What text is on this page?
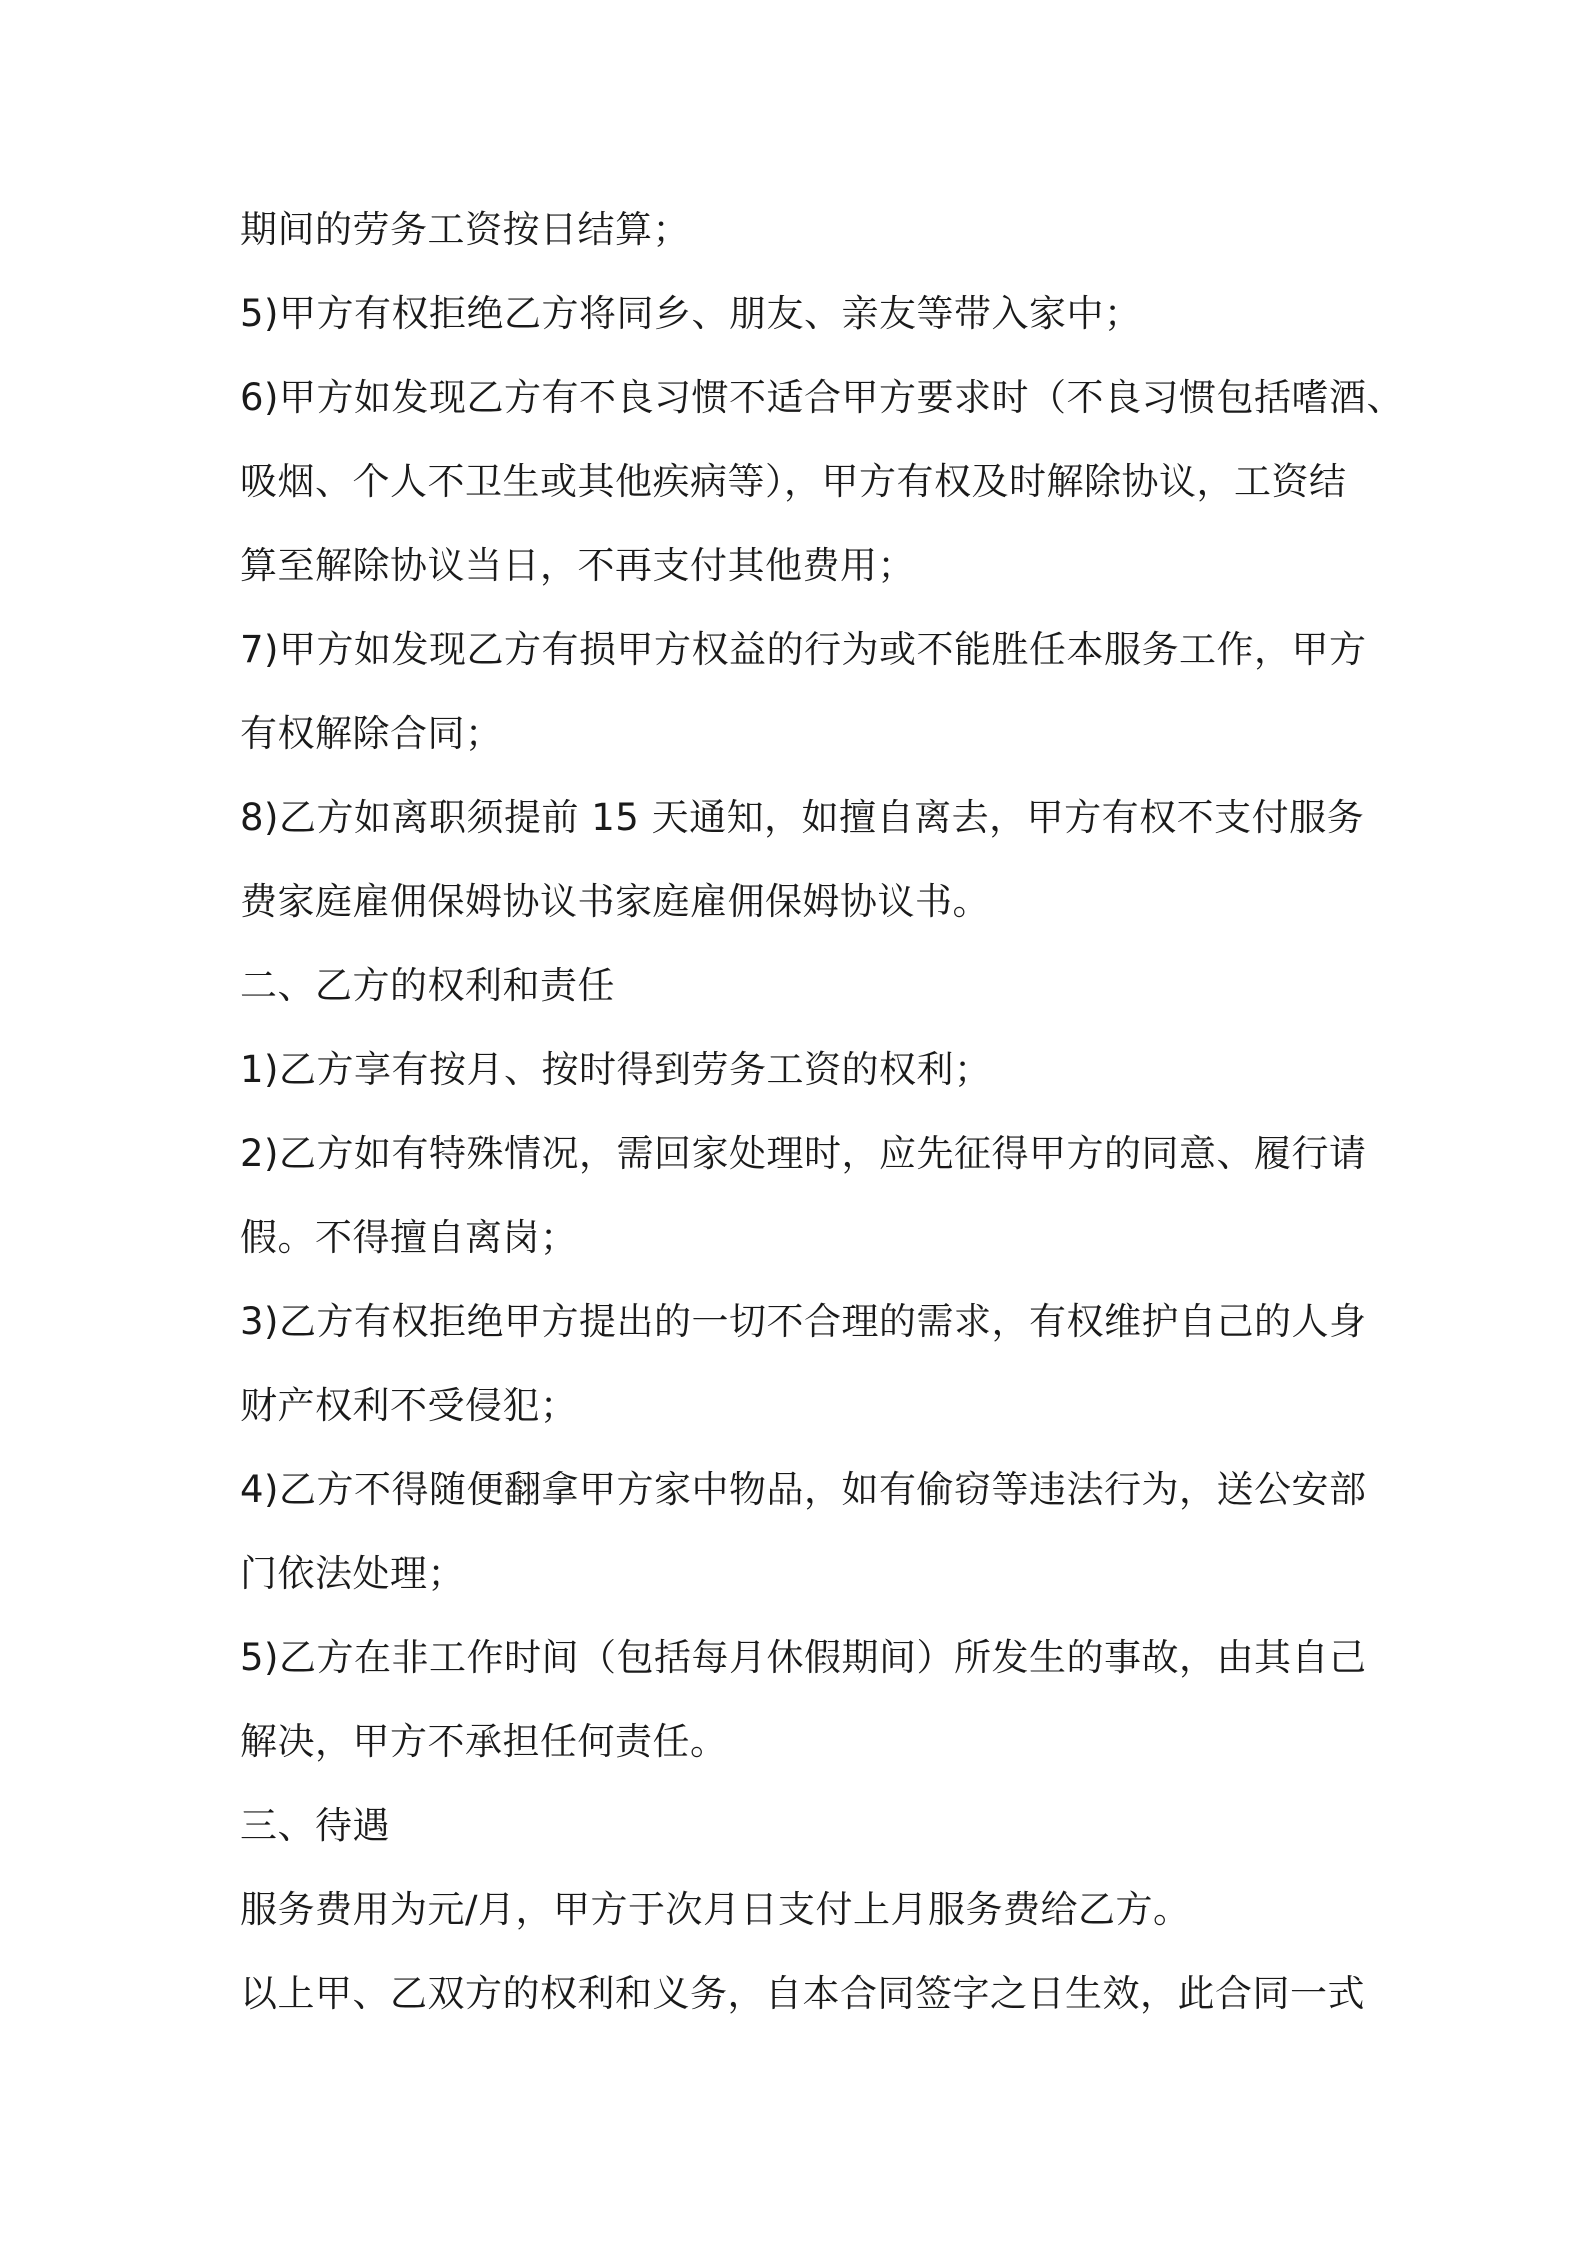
期间的劳务工资按日结算；
5)甲方有权拒绝乙方将同乡、朋友、亲友等带入家中；
6)甲方如发现乙方有不良习惯不适合甲方要求时（不良习惯包括嗜酒、
吸烟、个人不卫生或其他疾病等），甲方有权及时解除协议，工资结
算至解除协议当日，不再支付其他费用；
7)甲方如发现乙方有损甲方权益的行为或不能胜任本服务工作，甲方
有权解除合同；
8)乙方如离职须提前 15 天通知，如擅自离去，甲方有权不支付服务
费家庭雇佣保姆协议书家庭雇佣保姆协议书。
二、乙方的权利和责任
1)乙方享有按月、按时得到劳务工资的权利；
2)乙方如有特殊情况，需回家处理时，应先征得甲方的同意、履行请
假。不得擅自离岗；
3)乙方有权拒绝甲方提出的一切不合理的需求，有权维护自己的人身
财产权利不受侵犯；
4)乙方不得随便翻拿甲方家中物品，如有偷窃等违法行为，送公安部
门依法处理；
5)乙方在非工作时间（包括每月休假期间）所发生的事故，由其自己
解决，甲方不承担任何责任。
三、待遇
服务费用为元/月，甲方于次月日支付上月服务费给乙方。
以上甲、乙双方的权利和义务，自本合同签字之日生效，此合同一式
